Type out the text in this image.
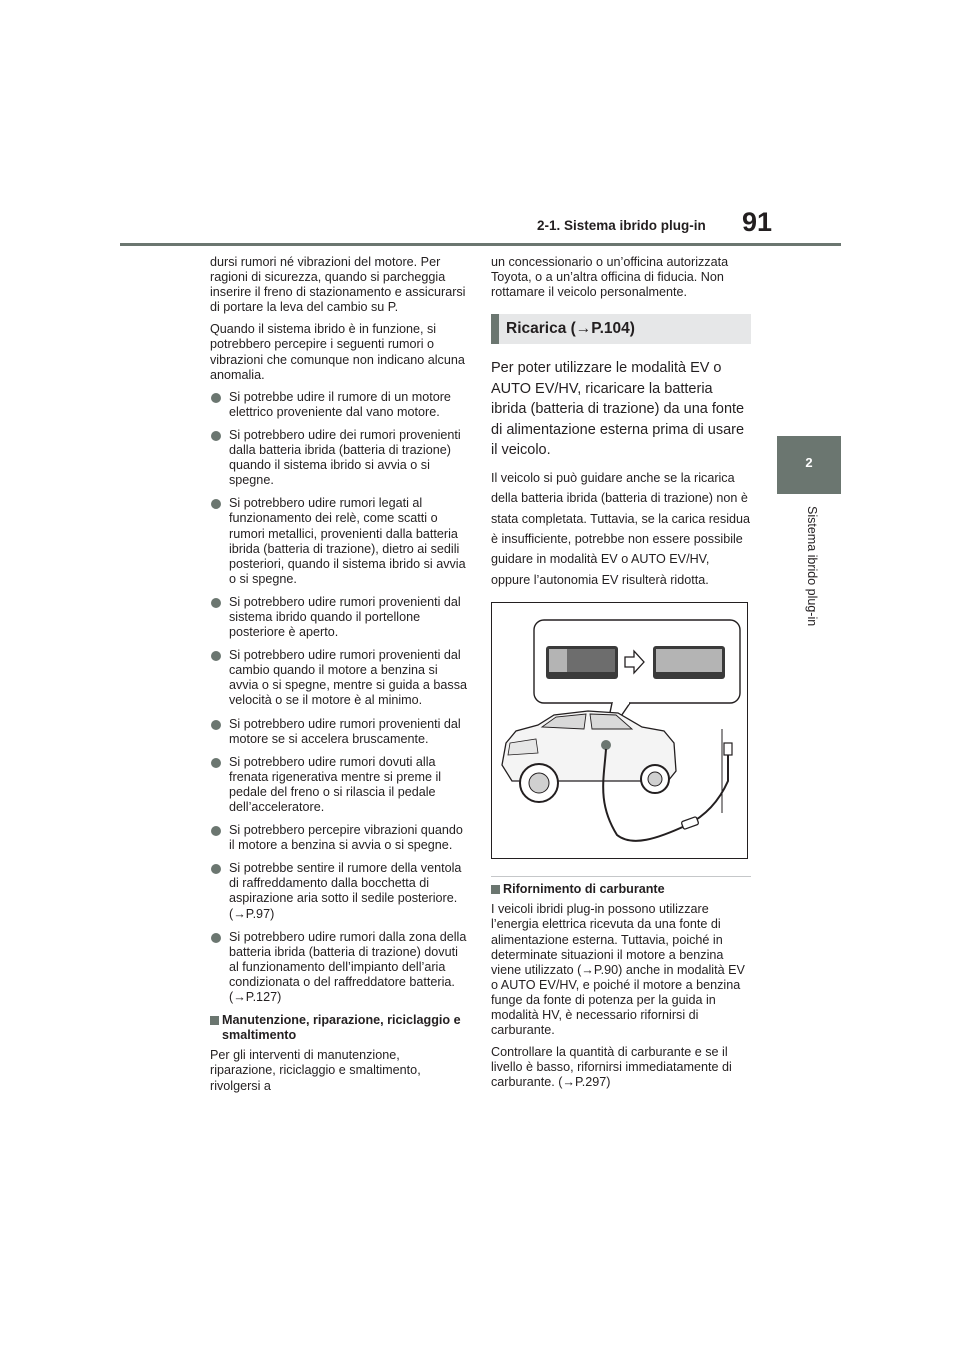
91
2-1. Sistema ibrido plug-in
2
Sistema ibrido plug-in

dursi rumori né vibrazioni del motore. Per ragioni di sicurezza, quando si parcheggia inserire il freno di stazionamento e assicurarsi di portare la leva del cambio su P.

Quando il sistema ibrido è in funzione, si potrebbero percepire i seguenti rumori o vibrazioni che comunque non indicano alcuna anomalia.

Si potrebbe udire il rumore di un motore elettrico proveniente dal vano motore.
Si potrebbero udire dei rumori provenienti dalla batteria ibrida (batteria di trazione) quando il sistema ibrido si avvia o si spegne.
Si potrebbero udire rumori legati al funzionamento dei relè, come scatti o rumori metallici, provenienti dalla batteria ibrida (batteria di trazione), dietro ai sedili posteriori, quando il sistema ibrido si avvia o si spegne.
Si potrebbero udire rumori provenienti dal sistema ibrido quando il portellone posteriore è aperto.
Si potrebbero udire rumori provenienti dal cambio quando il motore a benzina si avvia o si spegne, mentre si guida a bassa velocità o se il motore è al minimo.
Si potrebbero udire rumori provenienti dal motore se si accelera bruscamente.
Si potrebbero udire rumori dovuti alla frenata rigenerativa mentre si preme il pedale del freno o si rilascia il pedale dell’acceleratore.
Si potrebbero percepire vibrazioni quando il motore a benzina si avvia o si spegne.
Si potrebbe sentire il rumore della ventola di raffreddamento dalla bocchetta di aspirazione aria sotto il sedile posteriore. (→P.97)
Si potrebbero udire rumori dalla zona della batteria ibrida (batteria di trazione) dovuti al funzionamento dell’impianto dell’aria condizionata o del raffreddatore batteria. (→P.127)
Manutenzione, riparazione, riciclaggio e smaltimento

Per gli interventi di manutenzione, riparazione, riciclaggio e smaltimento, rivolgersi a

un concessionario o un’officina autorizzata Toyota, o a un’altra officina di fiducia. Non rottamare il veicolo personalmente.

Ricarica (→P.104)

Per poter utilizzare le modalità EV o AUTO EV/HV, ricaricare la batteria ibrida (batteria di trazione) da una fonte di alimentazione esterna prima di usare il veicolo.

Il veicolo si può guidare anche se la ricarica della batteria ibrida (batteria di trazione) non è stata completata. Tuttavia, se la carica residua è insufficiente, potrebbe non essere possibile guidare in modalità EV o AUTO EV/HV, oppure l’autonomia EV risulterà ridotta.

Rifornimento di carburante

I veicoli ibridi plug-in possono utilizzare l’energia elettrica ricevuta da una fonte di alimentazione esterna. Tuttavia, poiché in determinate situazioni il motore a benzina viene utilizzato (→P.90) anche in modalità EV o AUTO EV/HV, e poiché il motore a benzina funge da fonte di potenza per la guida in modalità HV, è necessario rifornirsi di carburante.

Controllare la quantità di carburante e se il livello è basso, rifornirsi immediatamente di carburante. (→P.297)
